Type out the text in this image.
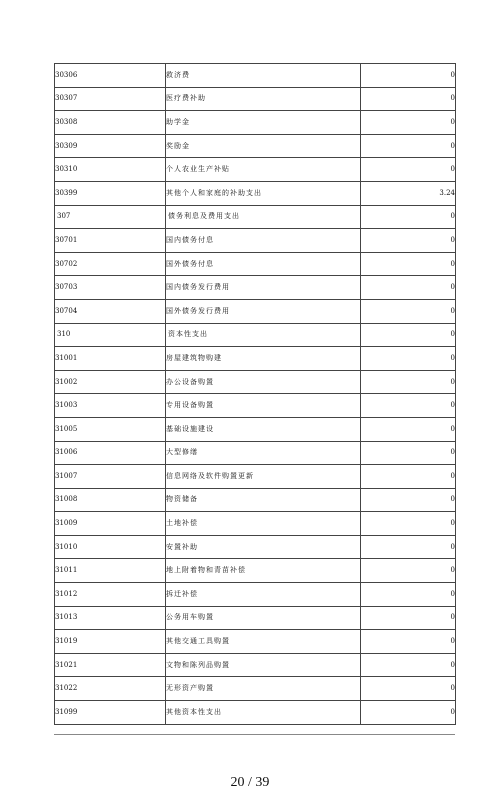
30306	救济费	0
30307	医疗费补助	0
30308	助学金	0
30309	奖励金	0
30310	个人农业生产补贴	0
30399	其他个人和家庭的补助支出	3.24
307	债务利息及费用支出	0
30701	国内债务付息	0
30702	国外债务付息	0
30703	国内债务发行费用	0
30704	国外债务发行费用	0
310	资本性支出	0
31001	房屋建筑物购建	0
31002	办公设备购置	0
31003	专用设备购置	0
31005	基础设施建设	0
31006	大型修缮	0
31007	信息网络及软件购置更新	0
31008	物资储备	0
31009	土地补偿	0
31010	安置补助	0
31011	地上附着物和青苗补偿	0
31012	拆迁补偿	0
31013	公务用车购置	0
31019	其他交通工具购置	0
31021	文物和陈列品购置	0
31022	无形资产购置	0
31099	其他资本性支出	0
20 / 39
